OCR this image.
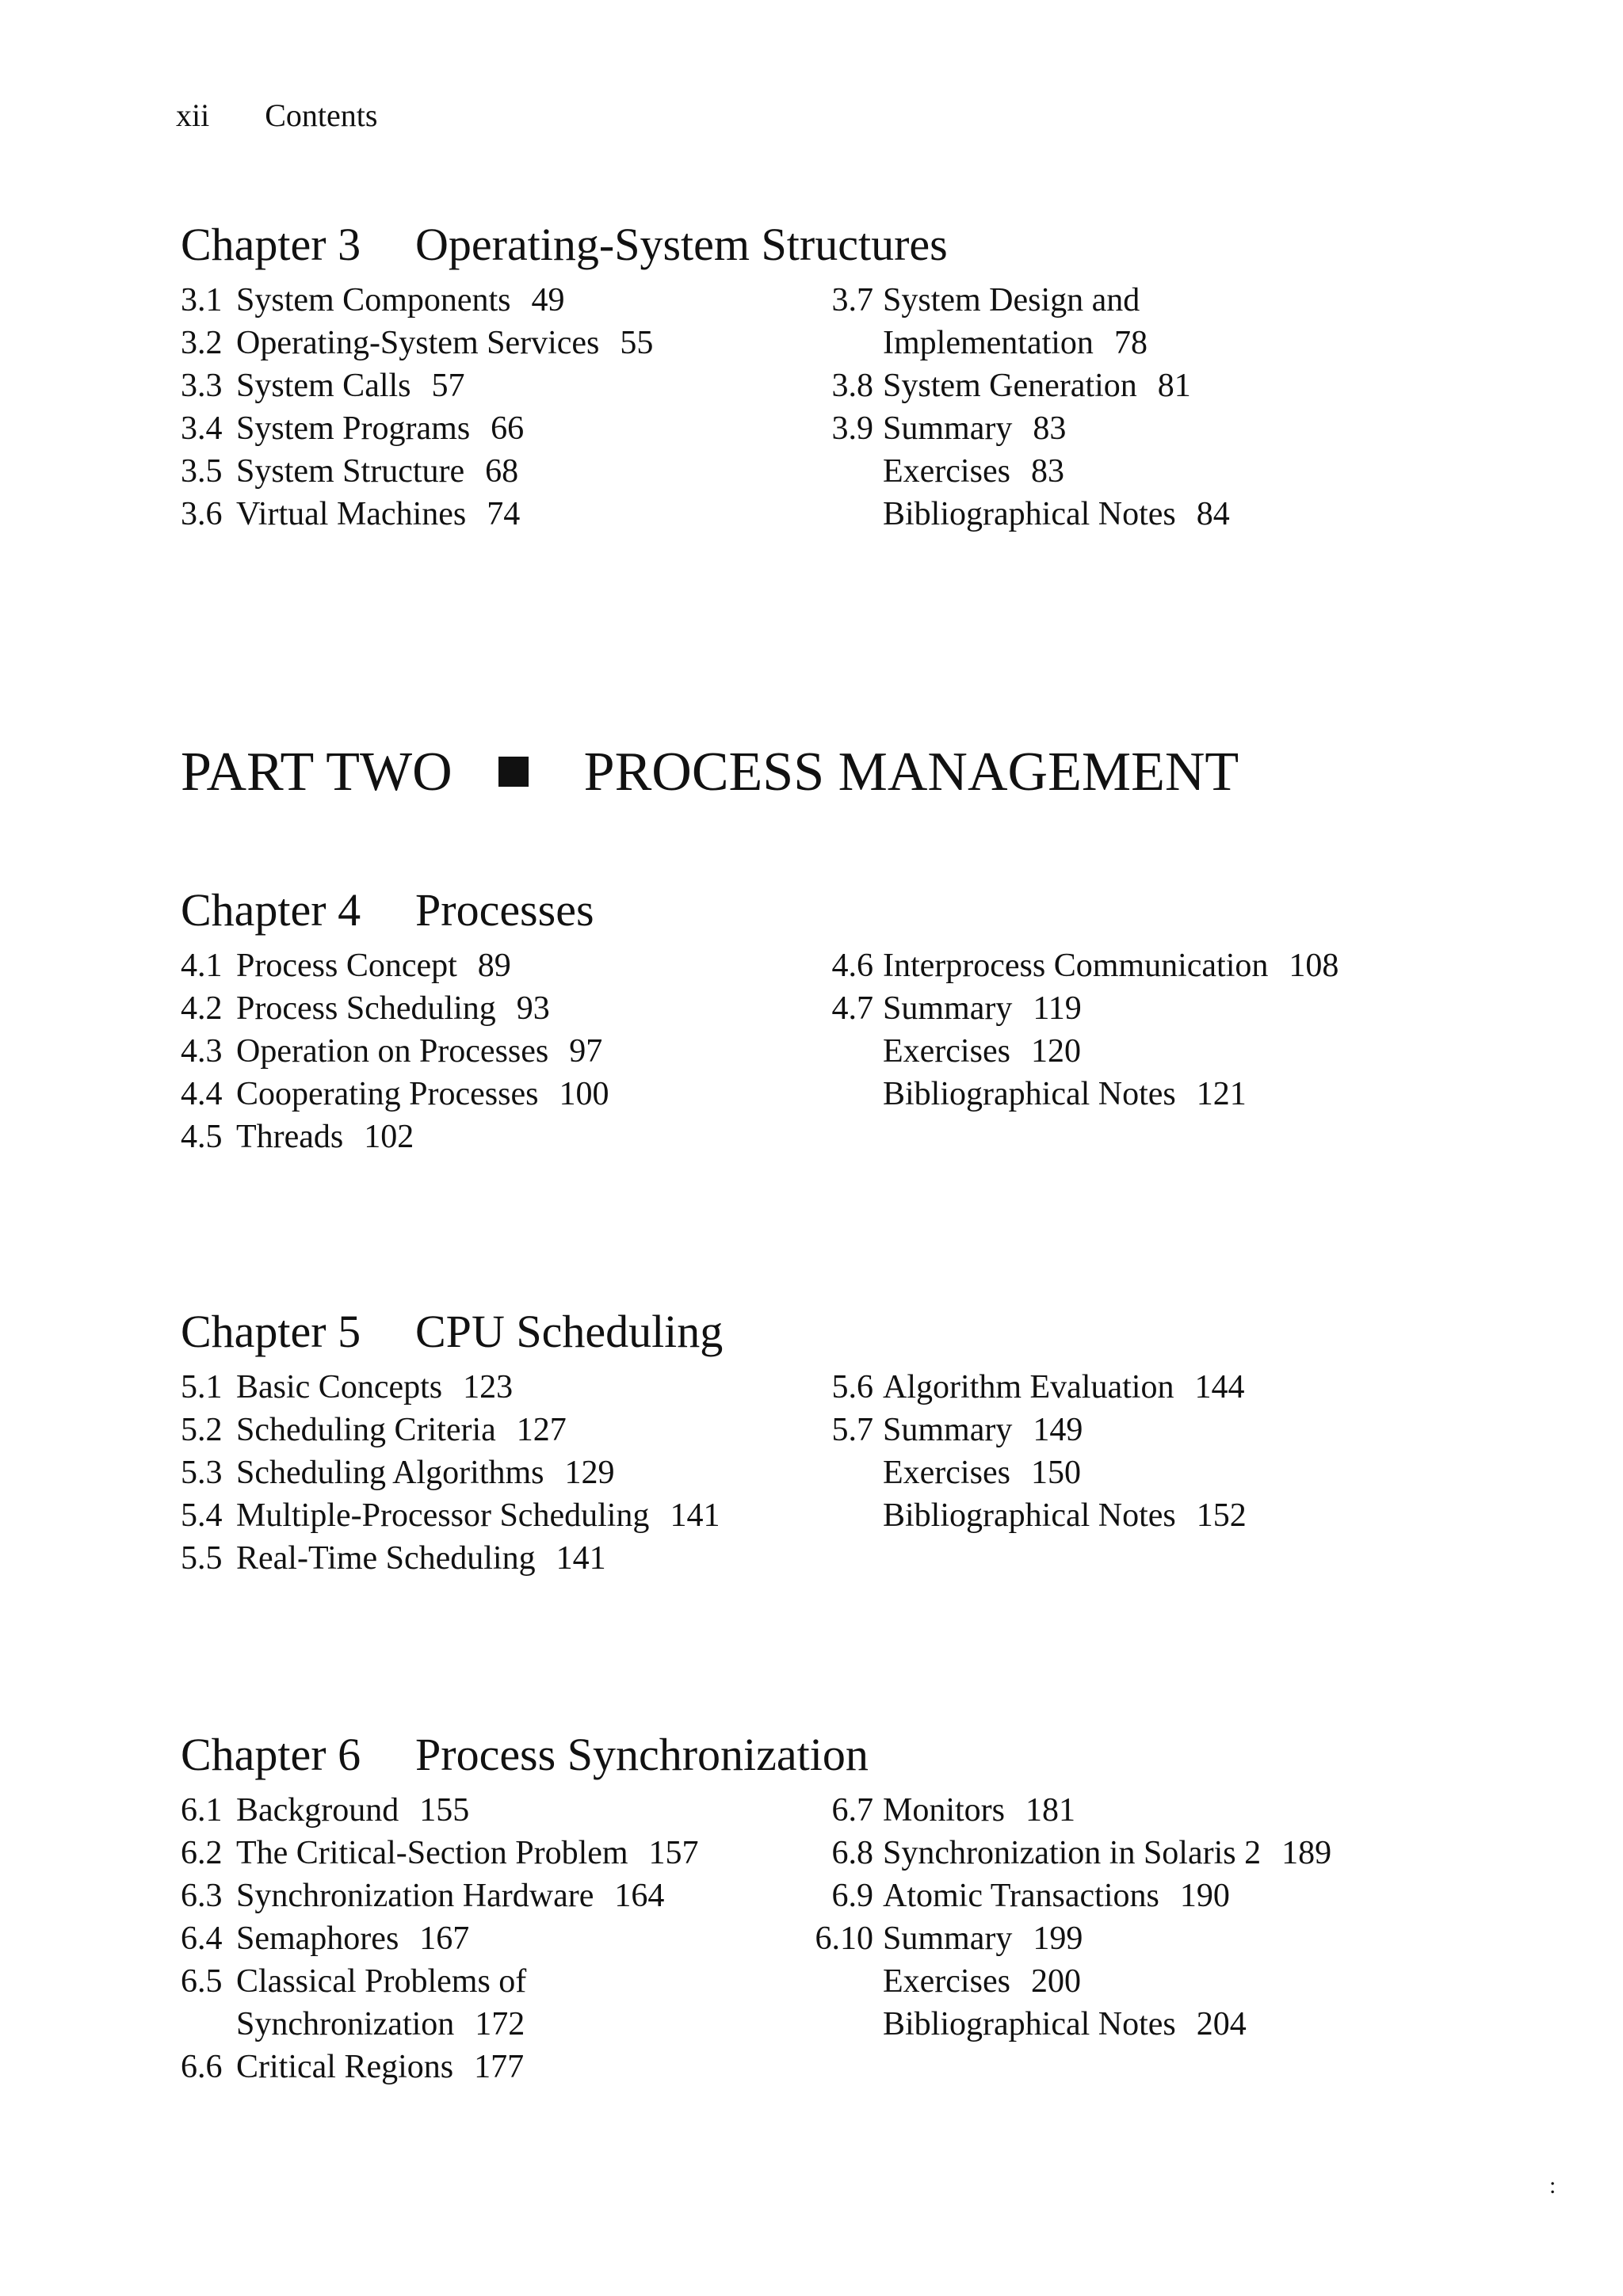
xii Contents
Chapter 3 Operating-System Structures
3.1 System Components 49
3.2 Operating-System Services 55
3.3 System Calls 57
3.4 System Programs 66
3.5 System Structure 68
3.6 Virtual Machines 74
3.7 System Design and
Implementation 78
3.8 System Generation 81
3.9 Summary 83
Exercises 83
Bibliographical Notes 84
PART TWO PROCESS MANAGEMENT
Chapter 4 Processes
4.1 Process Concept 89
4.2 Process Scheduling 93
4.3 Operation on Processes 97
4.4 Cooperating Processes 100
4.5 Threads 102
4.6 Interprocess Communication 108
4.7 Summary 119
Exercises 120
Bibliographical Notes 121
Chapter 5 CPU Scheduling
5.1 Basic Concepts 123
5.2 Scheduling Criteria 127
5.3 Scheduling Algorithms 129
5.4 Multiple-Processor Scheduling 141
5.5 Real-Time Scheduling 141
5.6 Algorithm Evaluation 144
5.7 Summary 149
Exercises 150
Bibliographical Notes 152
Chapter 6 Process Synchronization
6.1 Background 155
6.2 The Critical-Section Problem 157
6.3 Synchronization Hardware 164
6.4 Semaphores 167
6.5 Classical Problems of
Synchronization 172
6.6 Critical Regions 177
6.7 Monitors 181
6.8 Synchronization in Solaris 2 189
6.9 Atomic Transactions 190
6.10 Summary 199
Exercises 200
Bibliographical Notes 204
:
